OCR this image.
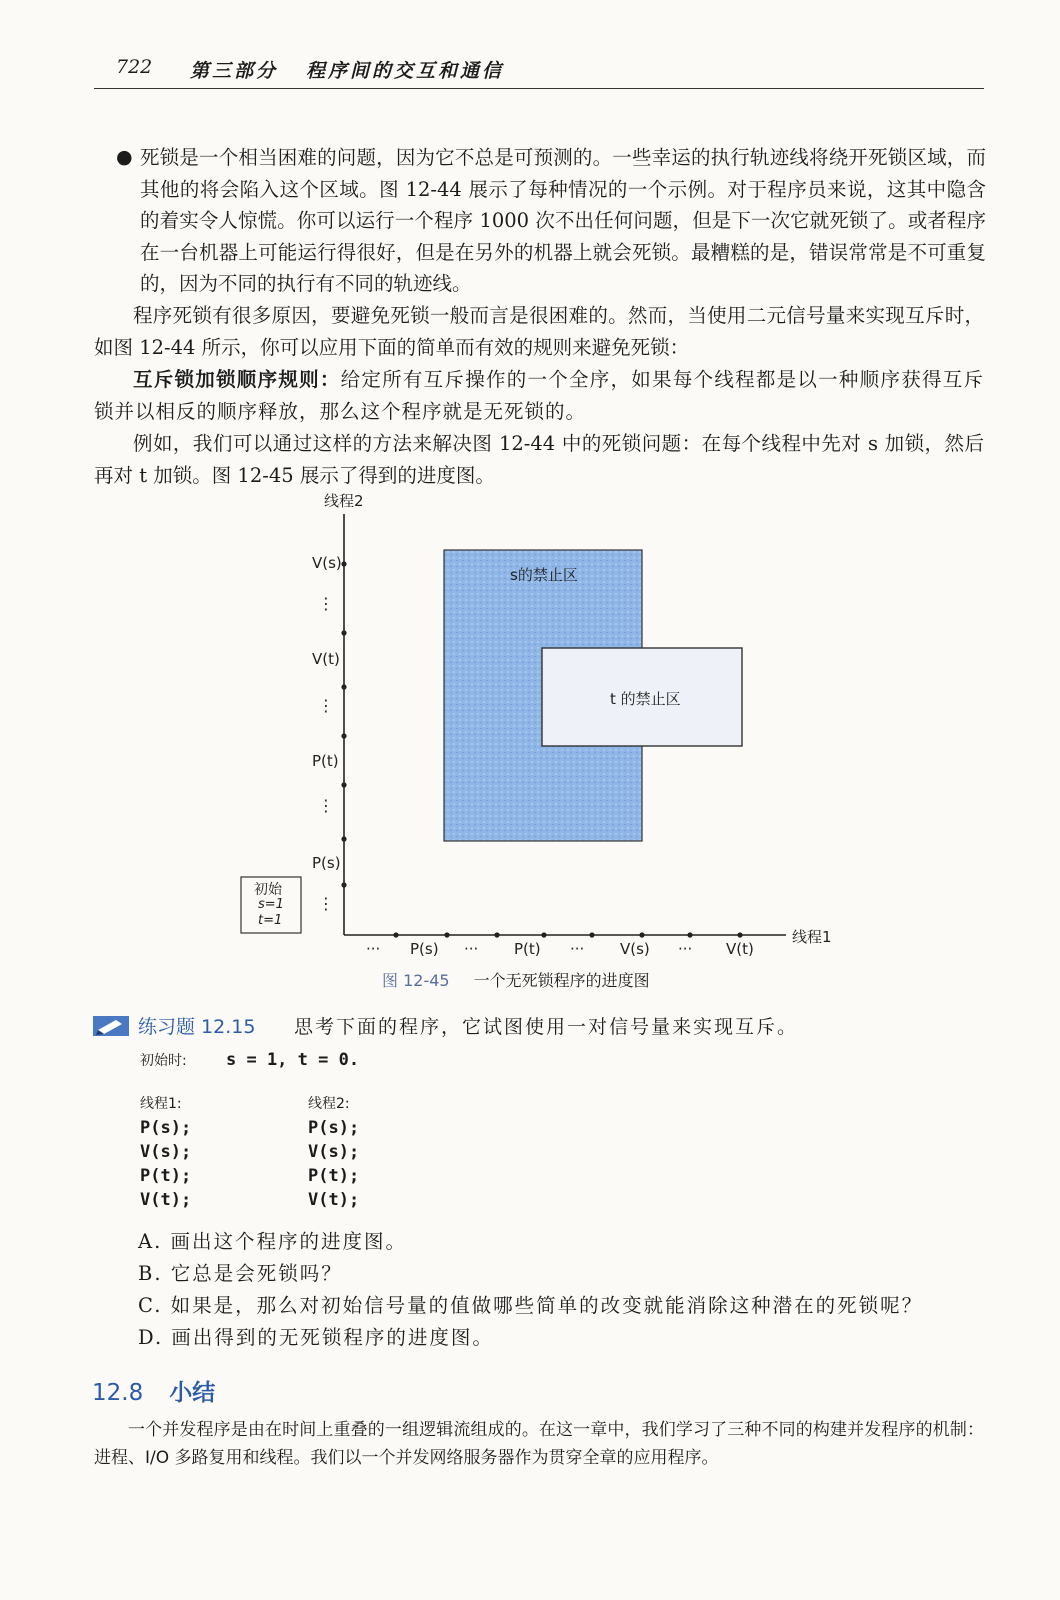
722 第三部分 程序间的交互和通信
● 死锁是一个相当困难的问题，因为它不总是可预测的。一些幸运的执行轨迹线将绕开死锁区域，而其他的将会陷入这个区域。图 12-44 展示了每种情况的一个示例。对于程序员来说，这其中隐含的着实令人惊慌。你可以运行一个程序 1000 次不出任何问题，但是下一次它就死锁了。或者程序在一台机器上可能运行得很好，但是在另外的机器上就会死锁。最糟糕的是，错误常常是不可重复的，因为不同的执行有不同的轨迹线。

程序死锁有很多原因，要避免死锁一般而言是很困难的。然而，当使用二元信号量来实现互斥时，如图 12-44 所示，你可以应用下面的简单而有效的规则来避免死锁：

互斥锁加锁顺序规则：给定所有互斥操作的一个全序，如果每个线程都是以一种顺序获得互斥锁并以相反的顺序释放，那么这个程序就是无死锁的。

例如，我们可以通过这样的方法来解决图 12-44 中的死锁问题：在每个线程中先对 s 加锁，然后再对 t 加锁。图 12-45 展示了得到的进度图。

线程2
线程1
V(s)
⋮
V(t)
⋮
P(t)
⋮
P(s)
⋮
··· P(s) ··· P(t) ··· V(s) ··· V(t)
s的禁止区
t 的禁止区
初始
s=1
t=1
图 12-45 一个无死锁程序的进度图
练习题 12.15 思考下面的程序，它试图使用一对信号量来实现互斥。
初始时: s = 1, t = 0.
线程1:
P(s);
V(s);
P(t);
V(t);
线程2:
P(s);
V(s);
P(t);
V(t);
A. 画出这个程序的进度图。
B. 它总是会死锁吗？
C. 如果是，那么对初始信号量的值做哪些简单的改变就能消除这种潜在的死锁呢？
D. 画出得到的无死锁程序的进度图。
12.8 小结

一个并发程序是由在时间上重叠的一组逻辑流组成的。在这一章中，我们学习了三种不同的构建并发程序的机制：进程、I/O 多路复用和线程。我们以一个并发网络服务器作为贯穿全章的应用程序。
